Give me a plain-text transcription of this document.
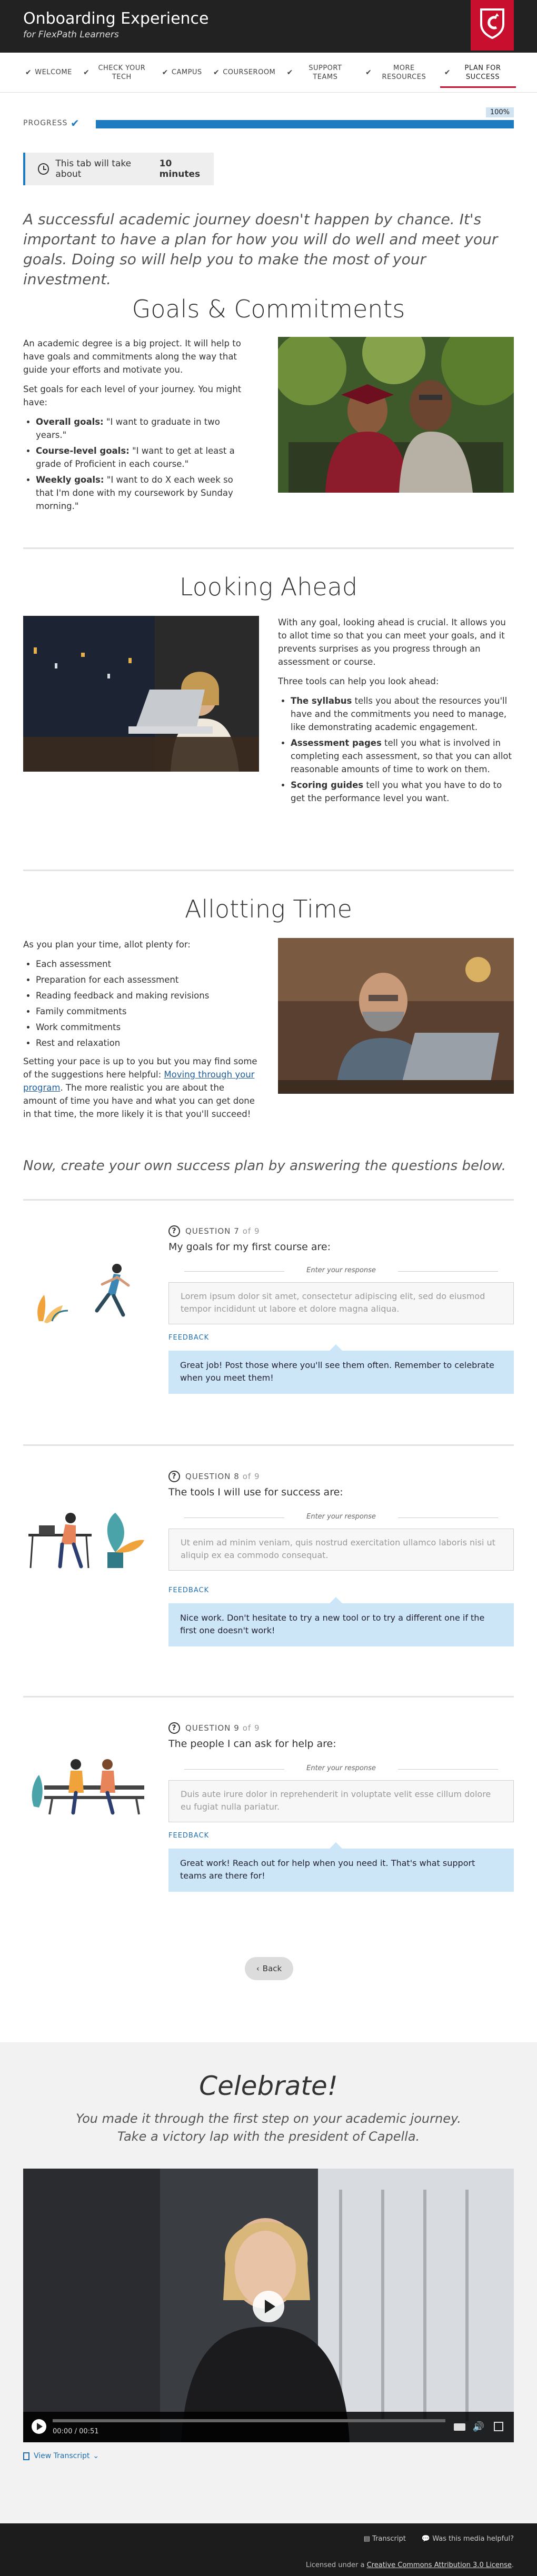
Onboarding Experience
for FlexPath Learners
✔ WELCOME ✔
CHECK YOUR TECH
✔ CAMPUS ✔ COURSEROOM ✔
SUPPORT TEAMS
✔
MORE RESOURCES
✔
PLAN FOR SUCCESS
100%
PROGRESS ✔
This tab will take about
10 minutes
A successful academic journey doesn't happen by chance. It's important to have a plan for how you will do well and meet your goals. Doing so will help you to make the most of your investment.
Goals & Commitments

An academic degree is a big project. It will help to have goals and commitments along the way that guide your efforts and motivate you.

Set goals for each level of your journey. You might have:

• Overall goals: "I want to graduate in two years."
• Course-level goals: "I want to get at least a grade of Proficient in each course."
• Weekly goals: "I want to do X each week so that I'm done with my coursework by Sunday morning."
Looking Ahead

With any goal, looking ahead is crucial. It allows you to allot time so that you can meet your goals, and it prevents surprises as you progress through an assessment or course.

Three tools can help you look ahead:

• The syllabus tells you about the resources you'll have and the commitments you need to manage, like demonstrating academic engagement.
• Assessment pages tell you what is involved in completing each assessment, so that you can allot reasonable amounts of time to work on them.
• Scoring guides tell you what you have to do to get the performance level you want.
Allotting Time

As you plan your time, allot plenty for:

• Each assessment
• Preparation for each assessment
• Reading feedback and making revisions
• Family commitments
• Work commitments
• Rest and relaxation

Setting your pace is up to you but you may find some of the suggestions here helpful: Moving through your program. The more realistic you are about the amount of time you have and what you can get done in that time, the more likely it is that you'll succeed!

Now, create your own success plan by answering the questions below.
?	QUESTION
7 of 9
My goals for my first course are:
Enter your response
Lorem ipsum dolor sit amet, consectetur adipiscing elit, sed do eiusmod tempor incididunt ut labore et dolore magna aliqua.
FEEDBACK
Great job! Post those where you'll see them often. Remember to celebrate when you meet them!
?	QUESTION
8 of 9
The tools I will use for success are:
Enter your response
Ut enim ad minim veniam, quis nostrud exercitation ullamco laboris nisi ut aliquip ex ea commodo consequat.
FEEDBACK
Nice work. Don't hesitate to try a new tool or to try a different one if the first one doesn't work!
?	QUESTION
9 of 9
The people I can ask for help are:
Enter your response
Duis aute irure dolor in reprehenderit in voluptate velit esse cillum dolore eu fugiat nulla pariatur.
FEEDBACK
Great work! Reach out for help when you need it. That's what support teams are there for!
‹ Back
Celebrate!
You made it through the first step on your academic journey.
Take a victory lap with the president of Capella.
00:00 / 00:51	🔊
View Transcript ⌄
▤ Transcript 💬 Was this media helpful?
Licensed under a Creative Commons Attribution 3.0 License.
